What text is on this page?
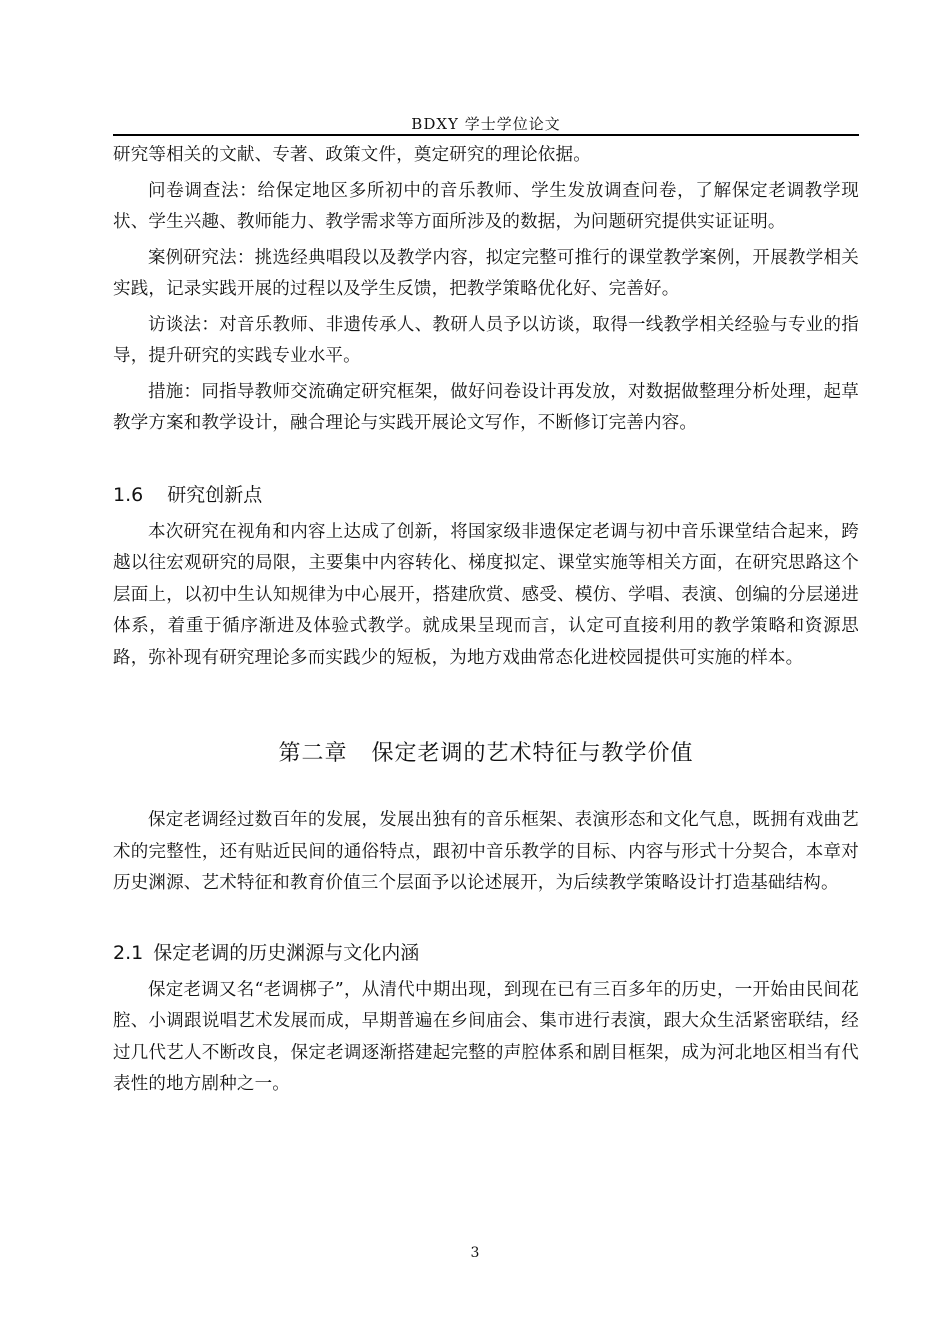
BDXY 学士学位论文

研究等相关的文献、专著、政策文件，奠定研究的理论依据。

问卷调查法：给保定地区多所初中的音乐教师、学生发放调查问卷，了解保定老调教学现状、学生兴趣、教师能力、教学需求等方面所涉及的数据，为问题研究提供实证证明。

案例研究法：挑选经典唱段以及教学内容，拟定完整可推行的课堂教学案例，开展教学相关实践，记录实践开展的过程以及学生反馈，把教学策略优化好、完善好。

访谈法：对音乐教师、非遗传承人、教研人员予以访谈，取得一线教学相关经验与专业的指导，提升研究的实践专业水平。

措施：同指导教师交流确定研究框架，做好问卷设计再发放，对数据做整理分析处理，起草教学方案和教学设计，融合理论与实践开展论文写作，不断修订完善内容。

1.6 研究创新点

本次研究在视角和内容上达成了创新，将国家级非遗保定老调与初中音乐课堂结合起来，跨越以往宏观研究的局限，主要集中内容转化、梯度拟定、课堂实施等相关方面，在研究思路这个层面上，以初中生认知规律为中心展开，搭建欣赏、感受、模仿、学唱、表演、创编的分层递进体系，着重于循序渐进及体验式教学。就成果呈现而言，认定可直接利用的教学策略和资源思路，弥补现有研究理论多而实践少的短板，为地方戏曲常态化进校园提供可实施的样本。

第二章 保定老调的艺术特征与教学价值

保定老调经过数百年的发展，发展出独有的音乐框架、表演形态和文化气息，既拥有戏曲艺术的完整性，还有贴近民间的通俗特点，跟初中音乐教学的目标、内容与形式十分契合，本章对历史渊源、艺术特征和教育价值三个层面予以论述展开，为后续教学策略设计打造基础结构。

2.1 保定老调的历史渊源与文化内涵

保定老调又名“老调梆子”，从清代中期出现，到现在已有三百多年的历史，一开始由民间花腔、小调跟说唱艺术发展而成，早期普遍在乡间庙会、集市进行表演，跟大众生活紧密联结，经过几代艺人不断改良，保定老调逐渐搭建起完整的声腔体系和剧目框架，成为河北地区相当有代表性的地方剧种之一。

3
